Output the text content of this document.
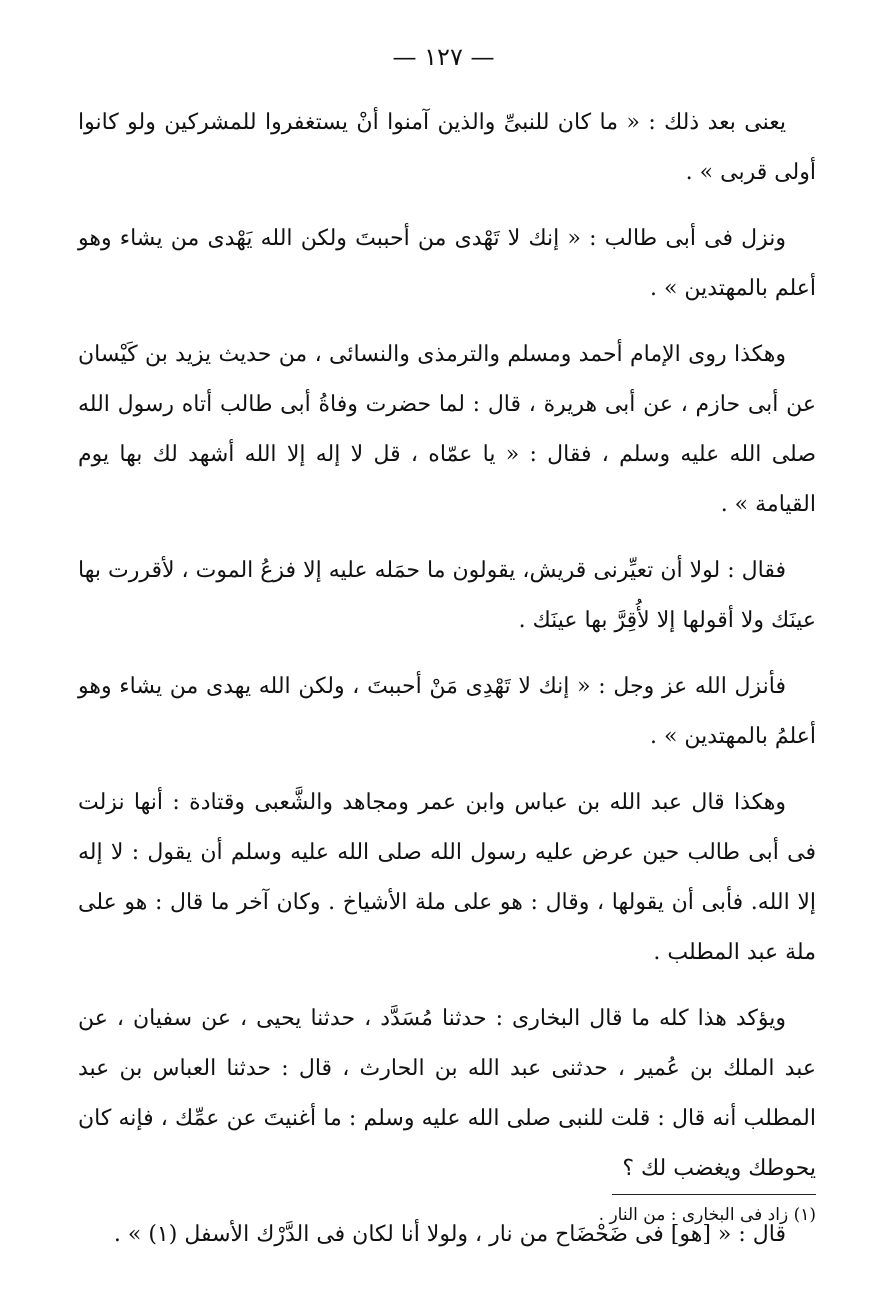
— ١٢٧ —

يعنى بعد ذلك : « ما كان للنبىِّ والذين آمنوا أنْ يستغفروا للمشركين ولو كانوا أولى قربى » .

ونزل فى أبى طالب : « إنك لا تَهْدى من أحببتَ ولكن الله يَهْدى من يشاء وهو أعلم بالمهتدين » .

وهكذا روى الإمام أحمد ومسلم والترمذى والنسائى ، من حديث يزيد بن كَيْسان عن أبى حازم ، عن أبى هريرة ، قال : لما حضرت وفاةُ أبى طالب أتاه رسول الله صلى الله عليه وسلم ، فقال : « يا عمّاه ، قل لا إله إلا الله أشهد لك بها يوم القيامة » .

فقال : لولا أن تعيِّرنى قريش، يقولون ما حمَله عليه إلا فزعُ الموت ، لأقررت بها عينَك ولا أقولها إلا لأُقِرَّ بها عينَك .

فأنزل الله عز وجل : « إنك لا تَهْدِى مَنْ أحببتَ ، ولكن الله يهدى من يشاء وهو أعلمُ بالمهتدين » .

وهكذا قال عبد الله بن عباس وابن عمر ومجاهد والشَّعبى وقتادة : أنها نزلت فى أبى طالب حين عرض عليه رسول الله صلى الله عليه وسلم أن يقول : لا إله إلا الله. فأبى أن يقولها ، وقال : هو على ملة الأشياخ . وكان آخر ما قال : هو على ملة عبد المطلب .

ويؤكد هذا كله ما قال البخارى : حدثنا مُسَدَّد ، حدثنا يحيى ، عن سفيان ، عن عبد الملك بن عُمير ، حدثنى عبد الله بن الحارث ، قال : حدثنا العباس بن عبد المطلب أنه قال : قلت للنبى صلى الله عليه وسلم : ما أغنيتَ عن عمِّك ، فإنه كان يحوطك ويغضب لك ؟

قال : « [هو] فى ضَحْضَاح من نار ، ولولا أنا لكان فى الدَّرْك الأسفل (١) » .

(١) زاد فى البخارى : من النار .
